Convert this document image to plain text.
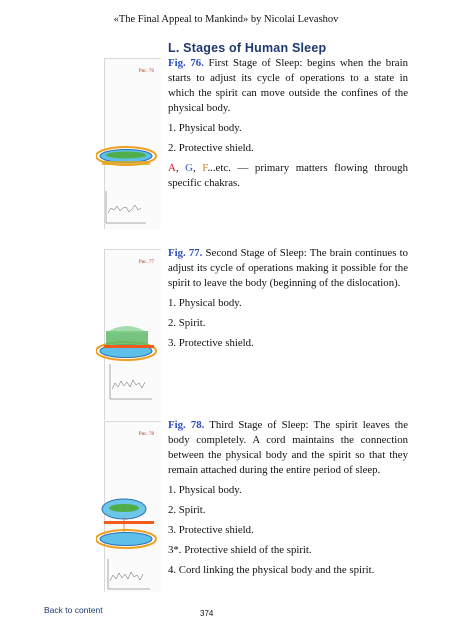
«The Final Appeal to Mankind» by Nicolai Levashov
L. Stages of Human Sleep
Рис. 76

Fig. 76. First Stage of Sleep: begins when the brain starts to adjust its cycle of operations to a state in which the spirit can move outside the confines of the physical body.

1. Physical body.

2. Protective shield.

A, G, F...etc. — primary matters flowing through specific chakras.

Рис. 77

Fig. 77. Second Stage of Sleep: The brain continues to adjust its cycle of operations making it possible for the spirit to leave the body (beginning of the dislocation).

1. Physical body.

2. Spirit.

3. Protective shield.

Рис. 78

Fig. 78. Third Stage of Sleep: The spirit leaves the body completely. A cord maintains the connection between the physical body and the spirit so that they remain attached during the entire period of sleep.

1. Physical body.

2. Spirit.

3. Protective shield.

3*. Protective shield of the spirit.

4. Cord linking the physical body and the spirit.

Back to content	374
